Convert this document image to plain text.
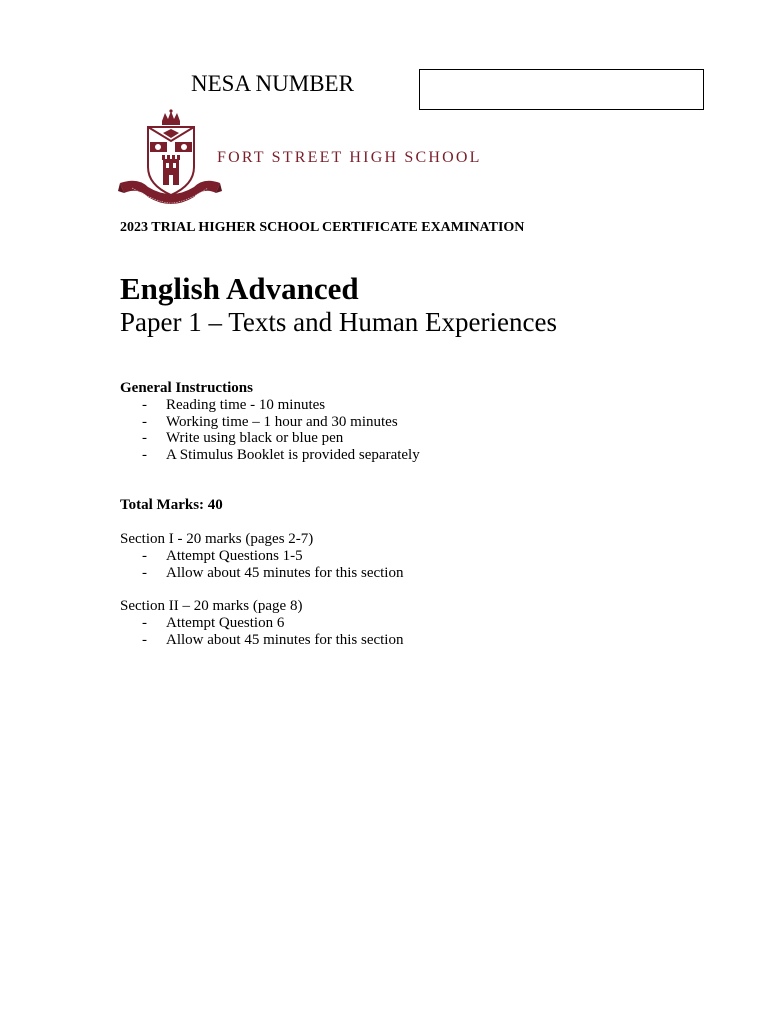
NESA NUMBER
FORT STREET HIGH SCHOOL
2023 TRIAL HIGHER SCHOOL CERTIFICATE EXAMINATION
English Advanced
Paper 1 – Texts and Human Experiences
General Instructions
- Reading time - 10 minutes
- Working time – 1 hour and 30 minutes
- Write using black or blue pen
- A Stimulus Booklet is provided separately
Total Marks: 40
Section I - 20 marks (pages 2-7)
- Attempt Questions 1-5
- Allow about 45 minutes for this section
Section II – 20 marks (page 8)
- Attempt Question 6
- Allow about 45 minutes for this section
